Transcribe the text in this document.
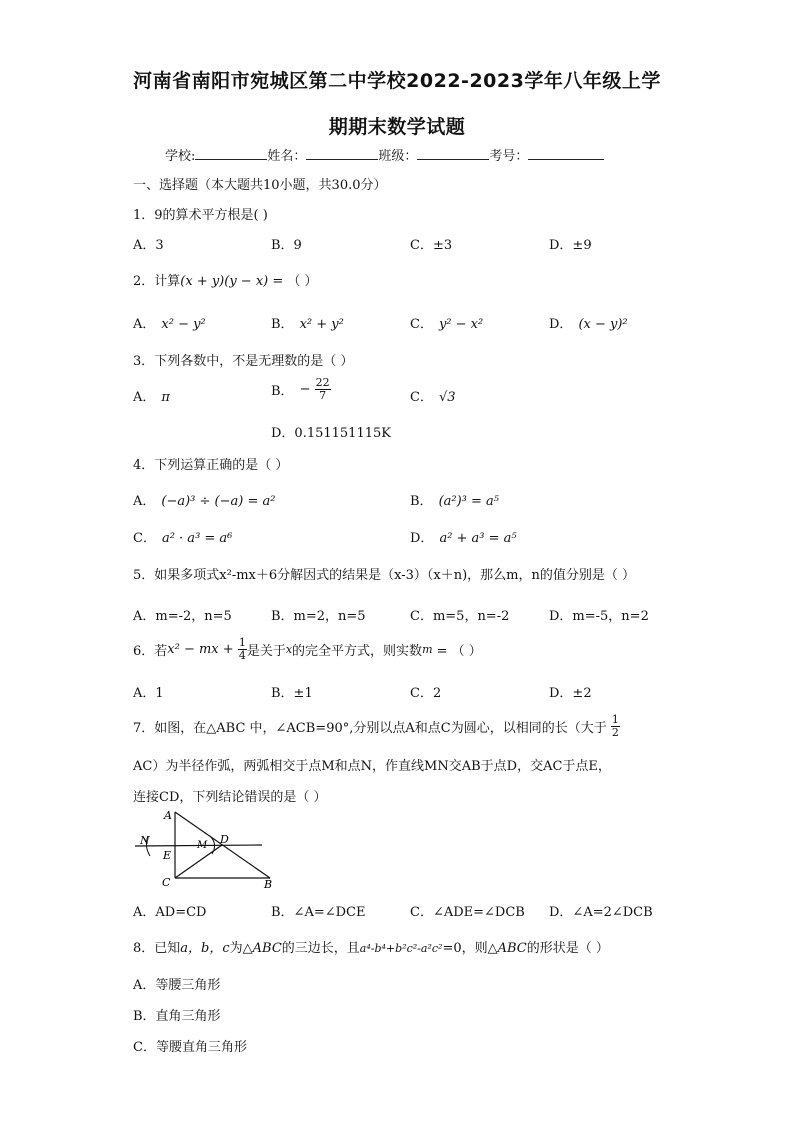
河南省南阳市宛城区第二中学校2022-2023学年八年级上学
期期末数学试题
学校:	姓名：	班级：	考号：
一、选择题（本大题共10小题，共30.0分）
1．9的算术平方根是( )
A．3	B．9	C．±3	D．±9
2．计算(x + y)(y − x) = （ ）
A． x² − y²	B． x² + y²	C． y² − x²	D． (x − y)²
3．下列各数中，不是无理数的是（ ）
A． π	B． − $\frac{22}{7}$	C． √3
D．0.151151115K
4．下列运算正确的是（ ）
A． (−a)³ ÷ (−a) = a²	B． (a²)³ = a⁵
C． a² · a³ = a⁶	D． a² + a³ = a⁵
5．如果多项式x²-mx＋6分解因式的结果是（x-3）（x＋n)，那么m，n的值分别是（ ）
A．m=-2，n=5	B．m=2，n=5	C．m=5，n=-2	D．m=-5，n=2
6．若x² − mx + $\frac{1}{4}$ 是关于x的完全平方式，则实数m = （ ）
A．1	B．±1	C．2	D．±2
7．如图，在△ABC 中，∠ACB=90°,分别以点A和点C为圆心，以相同的长（大于 $\frac{1}{2}$
AC）为半径作弧，两弧相交于点M和点N，作直线MN交AB于点D，交AC于点E，
连接CD，下列结论错误的是（ ）
A
N
E
M D
C	B
A．AD=CD	B．∠A=∠DCE	C．∠ADE=∠DCB D．∠A=2∠DCB
8．已知a，b，c为△ABC的三边长，且a⁴-b⁴+b²c²-a²c²=0，则△ABC的形状是（ ）
A．等腰三角形
B．直角三角形
C．等腰直角三角形
